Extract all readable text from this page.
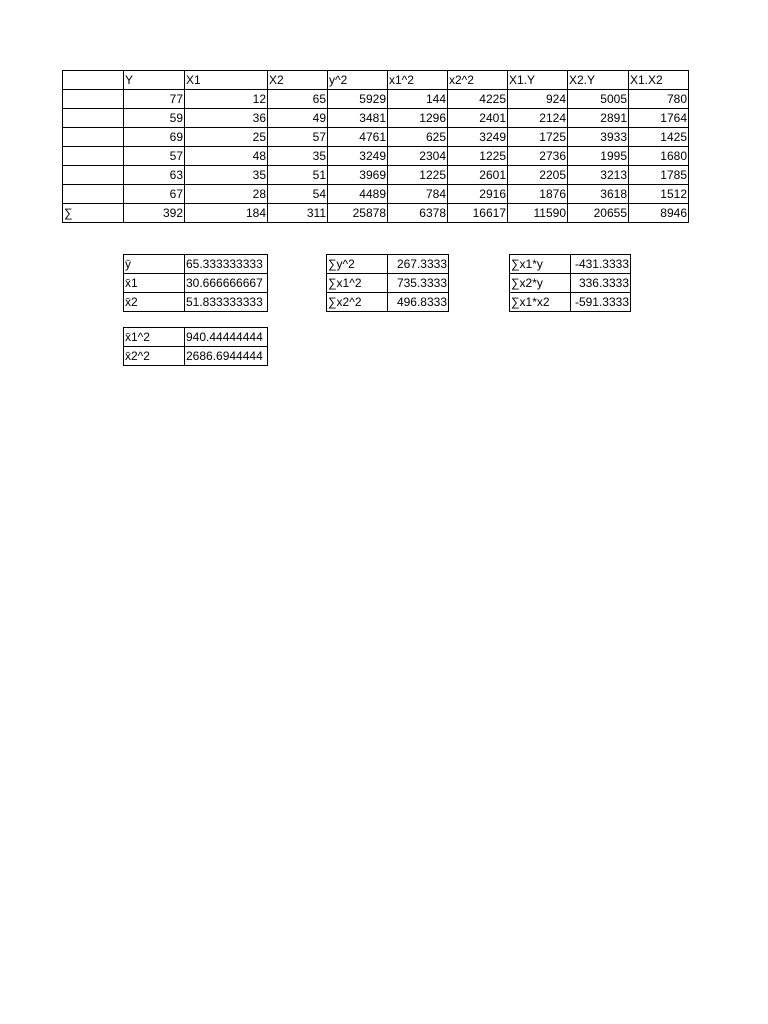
	Y	X1	X2	y^2	x1^2	x2^2	X1.Y	X2.Y	X1.X2
	77	12	65	5929	144	4225	924	5005	780
	59	36	49	3481	1296	2401	2124	2891	1764
	69	25	57	4761	625	3249	1725	3933	1425
	57	48	35	3249	2304	1225	2736	1995	1680
	63	35	51	3969	1225	2601	2205	3213	1785
	67	28	54	4489	784	2916	1876	3618	1512
∑	392	184	311	25878	6378	16617	11590	20655	8946
ȳ	65.333333333
x̄1	30.666666667
x̄2	51.833333333
∑y^2	267.3333
∑x1^2	735.3333
∑x2^2	496.8333
∑x1*y	-431.3333
∑x2*y	336.3333
∑x1*x2	-591.3333
x̄1^2	940.44444444
x̄2^2	2686.6944444
